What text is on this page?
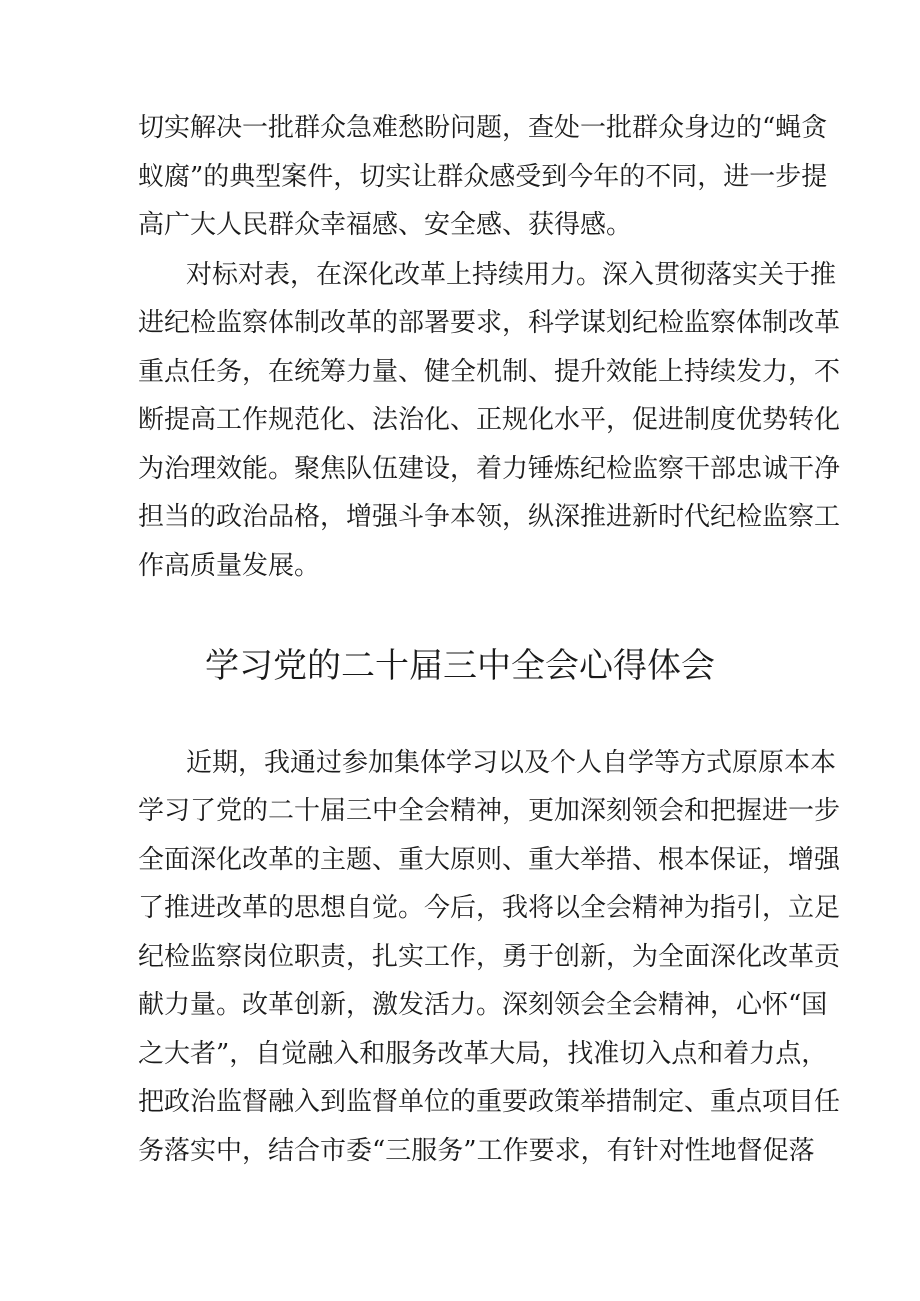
切实解决一批群众急难愁盼问题，查处一批群众身边的“蝇贪
蚁腐”的典型案件，切实让群众感受到今年的不同，进一步提
高广大人民群众幸福感、安全感、获得感。
对标对表，在深化改革上持续用力。深入贯彻落实关于推
进纪检监察体制改革的部署要求，科学谋划纪检监察体制改革
重点任务，在统筹力量、健全机制、提升效能上持续发力，不
断提高工作规范化、法治化、正规化水平，促进制度优势转化
为治理效能。聚焦队伍建设，着力锤炼纪检监察干部忠诚干净
担当的政治品格，增强斗争本领，纵深推进新时代纪检监察工
作高质量发展。
学习党的二十届三中全会心得体会
近期，我通过参加集体学习以及个人自学等方式原原本本
学习了党的二十届三中全会精神，更加深刻领会和把握进一步
全面深化改革的主题、重大原则、重大举措、根本保证，增强
了推进改革的思想自觉。今后，我将以全会精神为指引，立足
纪检监察岗位职责，扎实工作，勇于创新，为全面深化改革贡
献力量。改革创新，激发活力。深刻领会全会精神，心怀“国
之大者”，自觉融入和服务改革大局，找准切入点和着力点，
把政治监督融入到监督单位的重要政策举措制定、重点项目任
务落实中，结合市委“三服务”工作要求，有针对性地督促落
